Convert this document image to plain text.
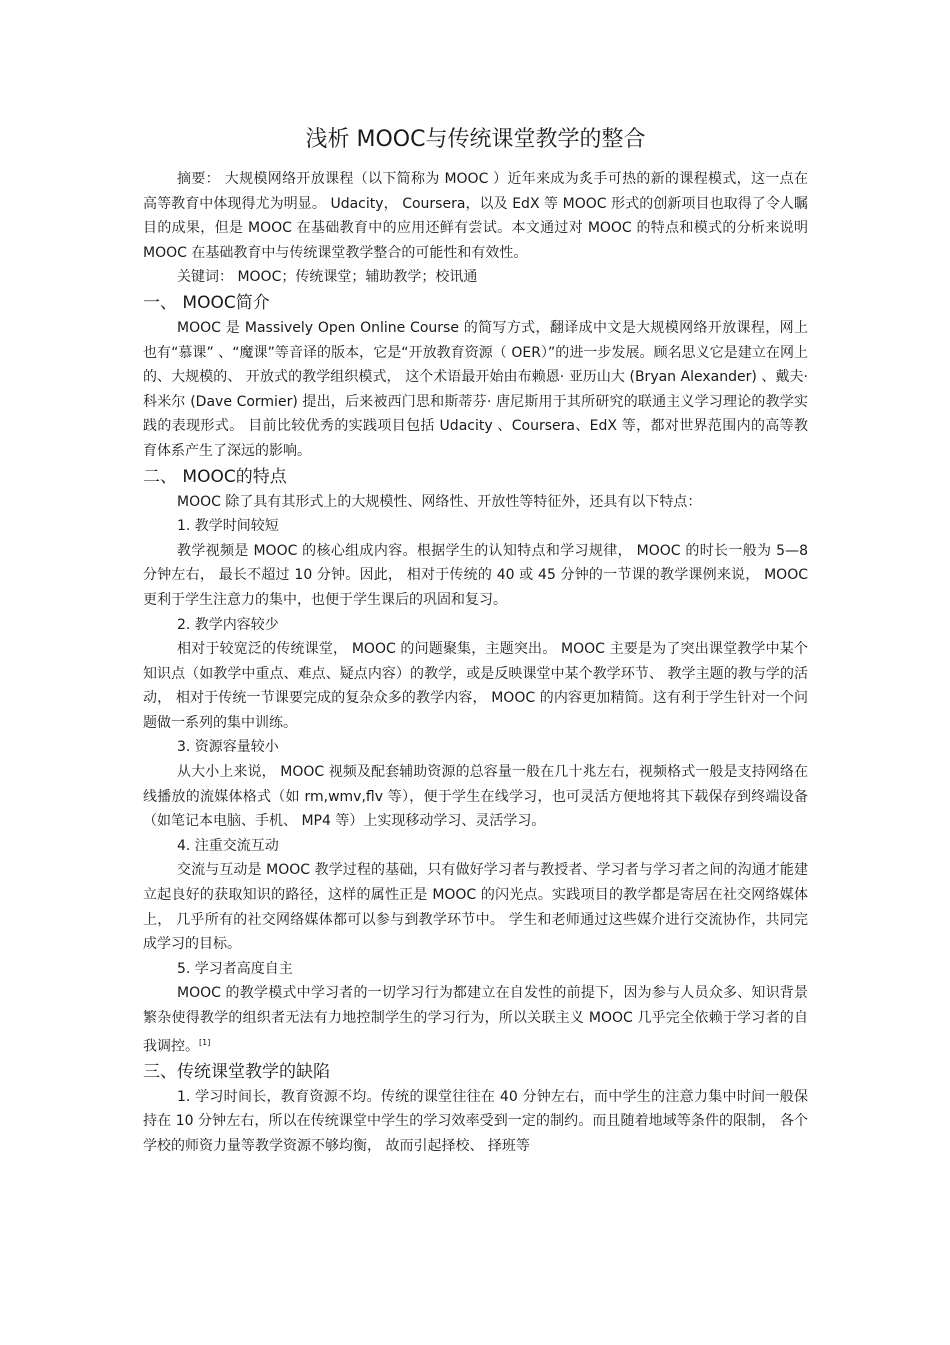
浅析 MOOC与传统课堂教学的整合

摘要： 大规模网络开放课程（以下简称为 MOOC ）近年来成为炙手可热的新的课程模式，这一点在高等教育中体现得尤为明显。 Udacity， Coursera，以及 EdX 等 MOOC 形式的创新项目也取得了令人瞩目的成果，但是 MOOC 在基础教育中的应用还鲜有尝试。本文通过对 MOOC 的特点和模式的分析来说明 MOOC 在基础教育中与传统课堂教学整合的可能性和有效性。

关键词： MOOC；传统课堂；辅助教学；校讯通

一、 MOOC简介

MOOC 是 Massively Open Online Course 的简写方式，翻译成中文是大规模网络开放课程，网上也有“慕课” 、“魔课”等音译的版本，它是“开放教育资源（ OER）”的进一步发展。顾名思义它是建立在网上的、大规模的、 开放式的教学组织模式， 这个术语最开始由布赖恩· 亚历山大 (Bryan Alexander) 、戴夫· 科米尔 (Dave Cormier) 提出，后来被西门思和斯蒂芬· 唐尼斯用于其所研究的联通主义学习理论的教学实践的表现形式。 目前比较优秀的实践项目包括 Udacity 、Coursera、EdX 等，都对世界范围内的高等教育体系产生了深远的影响。

二、 MOOC的特点

MOOC 除了具有其形式上的大规模性、网络性、开放性等特征外，还具有以下特点：

1. 教学时间较短

教学视频是 MOOC 的核心组成内容。根据学生的认知特点和学习规律， MOOC 的时长一般为 5—8 分钟左右， 最长不超过 10 分钟。因此， 相对于传统的 40 或 45 分钟的一节课的教学课例来说， MOOC 更利于学生注意力的集中，也便于学生课后的巩固和复习。

2. 教学内容较少

相对于较宽泛的传统课堂， MOOC 的问题聚集，主题突出。 MOOC 主要是为了突出课堂教学中某个知识点（如教学中重点、难点、疑点内容）的教学，或是反映课堂中某个教学环节、 教学主题的教与学的活动， 相对于传统一节课要完成的复杂众多的教学内容， MOOC 的内容更加精简。这有利于学生针对一个问题做一系列的集中训练。

3. 资源容量较小

从大小上来说， MOOC 视频及配套辅助资源的总容量一般在几十兆左右，视频格式一般是支持网络在线播放的流媒体格式（如 rm,wmv,flv 等），便于学生在线学习，也可灵活方便地将其下载保存到终端设备（如笔记本电脑、手机、 MP4 等）上实现移动学习、灵活学习。

4. 注重交流互动

交流与互动是 MOOC 教学过程的基础，只有做好学习者与教授者、学习者与学习者之间的沟通才能建立起良好的获取知识的路径，这样的属性正是 MOOC 的闪光点。实践项目的教学都是寄居在社交网络媒体上， 几乎所有的社交网络媒体都可以参与到教学环节中。 学生和老师通过这些媒介进行交流协作，共同完成学习的目标。

5. 学习者高度自主

MOOC 的教学模式中学习者的一切学习行为都建立在自发性的前提下，因为参与人员众多、知识背景繁杂使得教学的组织者无法有力地控制学生的学习行为，所以关联主义 MOOC 几乎完全依赖于学习者的自我调控。[1]

三、传统课堂教学的缺陷

1. 学习时间长，教育资源不均。传统的课堂往往在 40 分钟左右，而中学生的注意力集中时间一般保持在 10 分钟左右，所以在传统课堂中学生的学习效率受到一定的制约。而且随着地域等条件的限制， 各个学校的师资力量等教学资源不够均衡， 故而引起择校、 择班等
